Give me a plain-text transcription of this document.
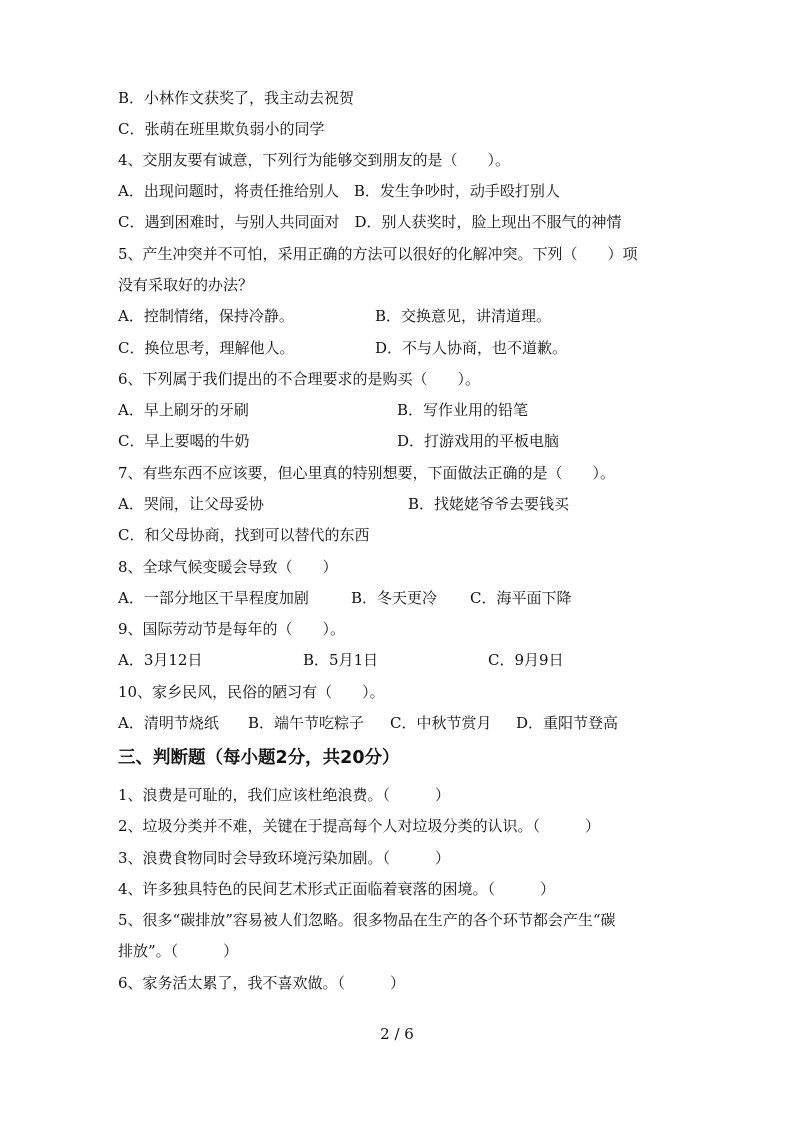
B．小林作文获奖了，我主动去祝贺
C．张萌在班里欺负弱小的同学
4、交朋友要有诚意，下列行为能够交到朋友的是（　　）。
A．出现问题时，将责任推给别人　B．发生争吵时，动手殴打别人
C．遇到困难时，与别人共同面对　D．别人获奖时，脸上现出不服气的神情
5、产生冲突并不可怕，采用正确的方法可以很好的化解冲突。下列（　　）项
没有采取好的办法？
A．控制情绪，保持冷静。	B．交换意见，讲清道理。
C．换位思考，理解他人。	D．不与人协商，也不道歉。
6、下列属于我们提出的不合理要求的是购买（　　）。
A．早上刷牙的牙刷	B．写作业用的铅笔
C．早上要喝的牛奶	D．打游戏用的平板电脑
7、有些东西不应该要，但心里真的特别想要，下面做法正确的是（　　）。
A．哭闹，让父母妥协	B．找姥姥爷爷去要钱买
C．和父母协商，找到可以替代的东西
8、全球气候变暖会导致（　　）
A．一部分地区干旱程度加剧	B．冬天更冷 C．海平面下降
9、国际劳动节是每年的（　　）。
A．3月12日	B．5月1日	C．9月9日
10、家乡民风，民俗的陋习有（　　）。
A．清明节烧纸 B．端午节吃粽子 C．中秋节赏月 D．重阳节登高
三、判断题（每小题2分，共20分）
1、浪费是可耻的，我们应该杜绝浪费。（　　　）
2、垃圾分类并不难，关键在于提高每个人对垃圾分类的认识。（　　　）
3、浪费食物同时会导致环境污染加剧。（　　　）
4、许多独具特色的民间艺术形式正面临着衰落的困境。（　　　）
5、很多“碳排放”容易被人们忽略。很多物品在生产的各个环节都会产生“碳
排放”。（　　　）
6、家务活太累了，我不喜欢做。（　　　）
2 / 6
